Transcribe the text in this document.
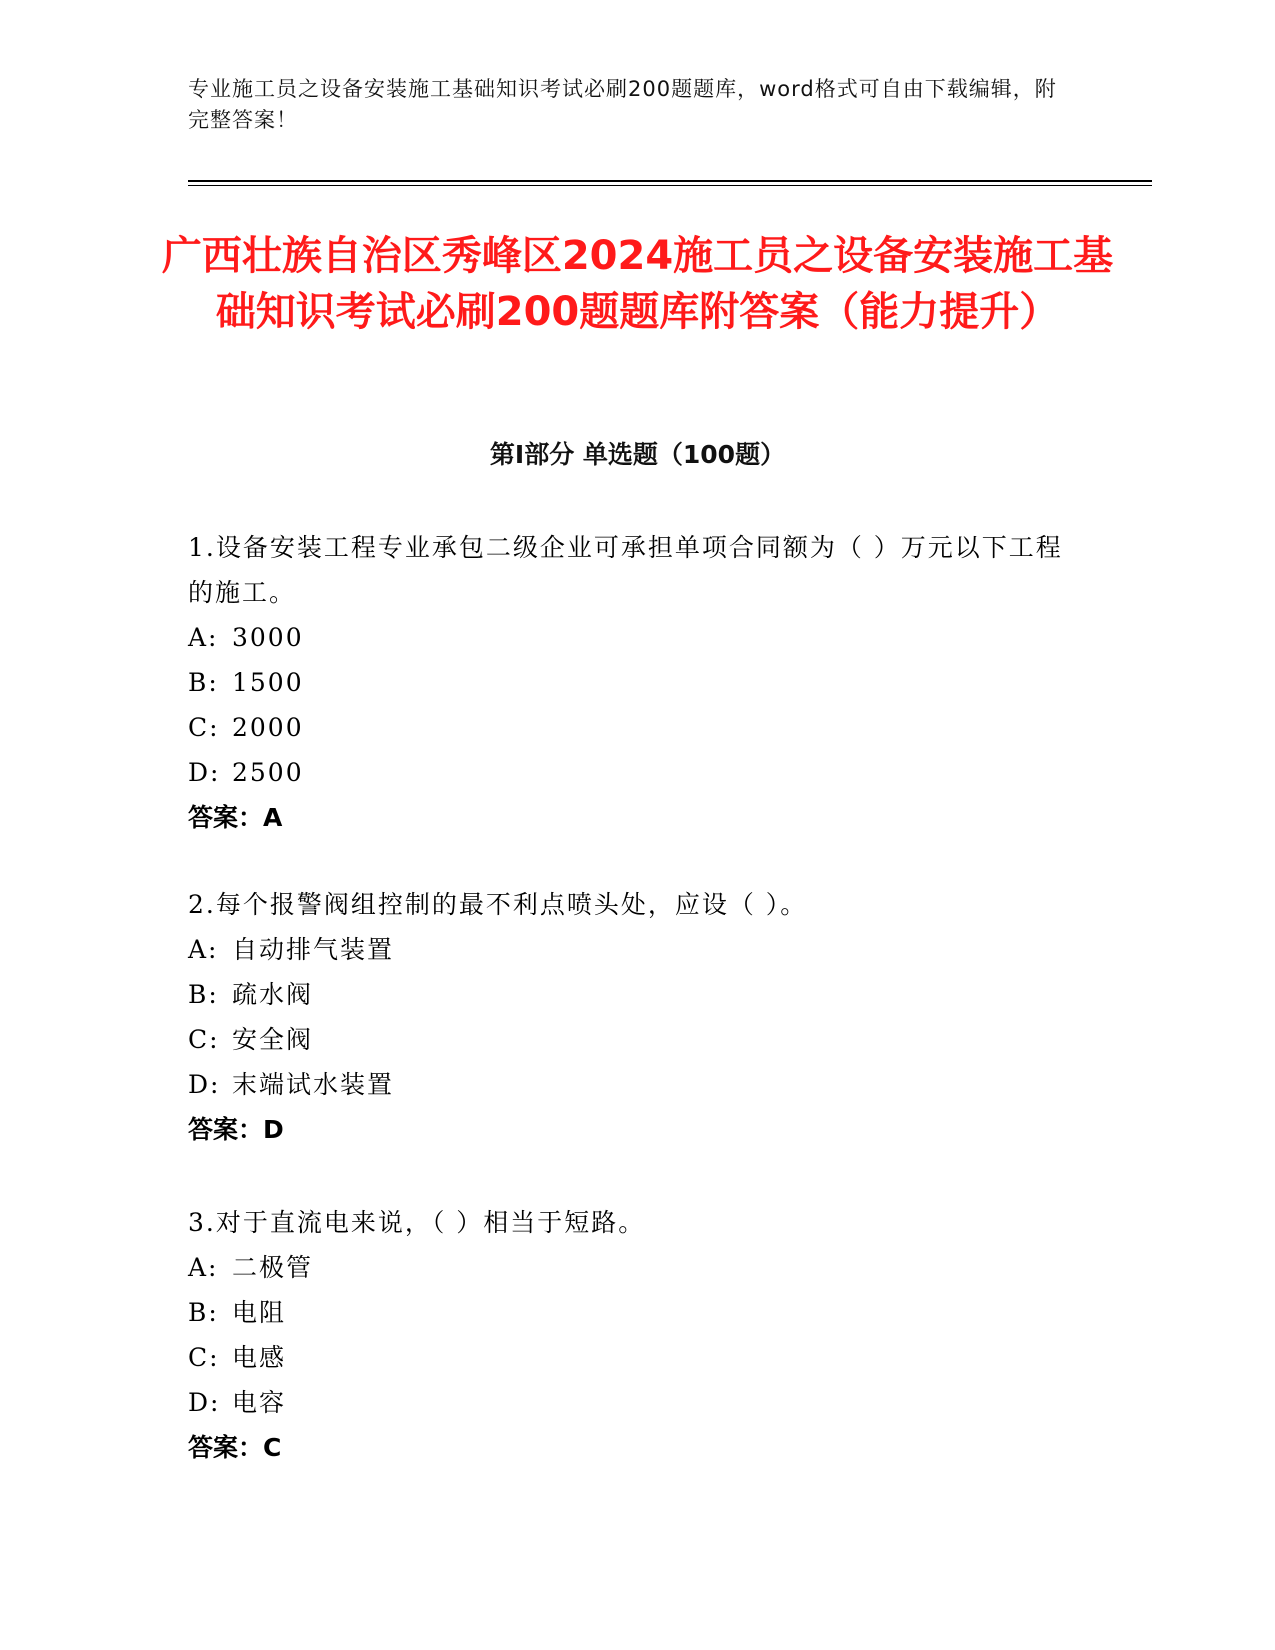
专业施工员之设备安装施工基础知识考试必刷200题题库，word格式可自由下载编辑，附完整答案！
广西壮族自治区秀峰区2024施工员之设备安装施工基础知识考试必刷200题题库附答案（能力提升）
第I部分 单选题（100题）

1.设备安装工程专业承包二级企业可承担单项合同额为（ ）万元以下工程的施工。

A: 3000

B: 1500

C: 2000

D: 2500

答案：A

2.每个报警阀组控制的最不利点喷头处，应设（ ）。

A: 自动排气装置

B: 疏水阀

C: 安全阀

D: 末端试水装置

答案：D

3.对于直流电来说，（ ）相当于短路。

A: 二极管

B: 电阻

C: 电感

D: 电容

答案：C
